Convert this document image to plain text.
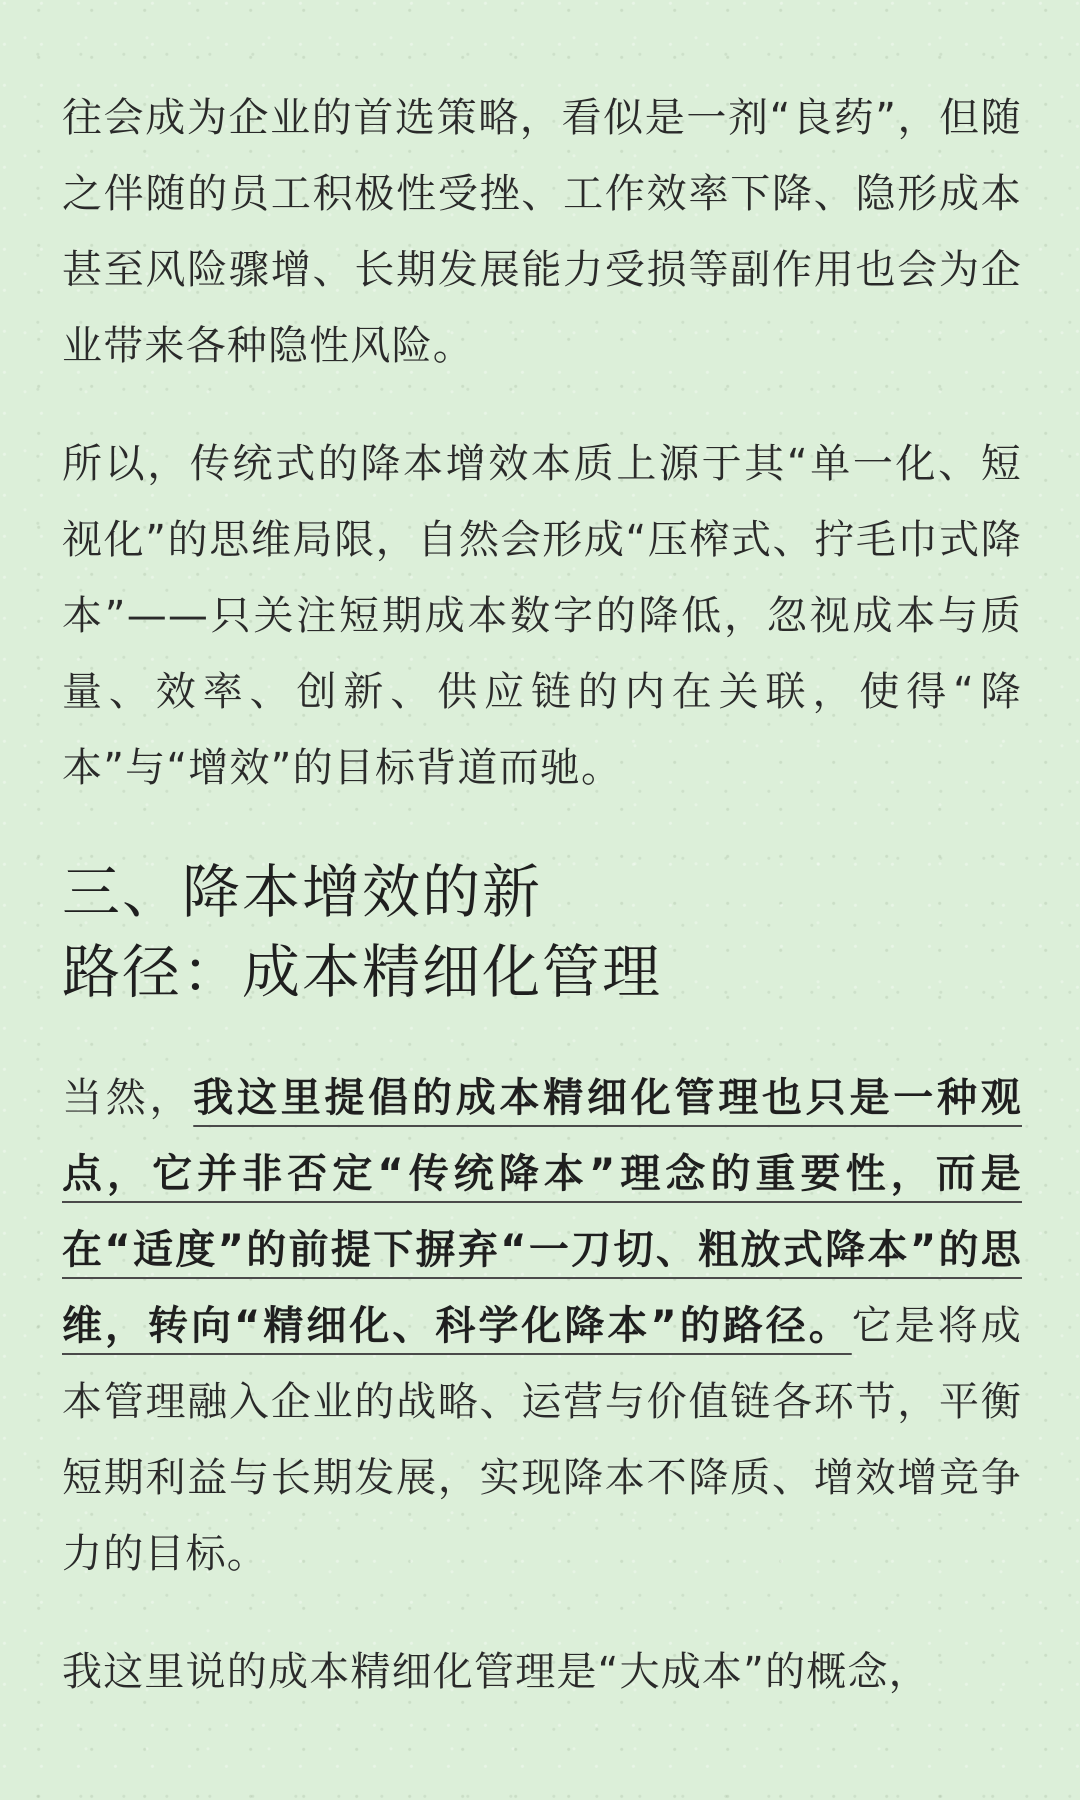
往会成为企业的首选策略，看似是一剂“良药”，但随之伴随的员工积极性受挫、工作效率下降、隐形成本甚至风险骤增、长期发展能力受损等副作用也会为企业带来各种隐性风险。

所以，传统式的降本增效本质上源于其“单一化、短视化”的思维局限，自然会形成“压榨式、拧毛巾式降本”——只关注短期成本数字的降低，忽视成本与质量、效率、创新、供应链的内在关联，使得“降本”与“增效”的目标背道而驰。

三、降本增效的新
路径：成本精细化管理

当然，我这里提倡的成本精细化管理也只是一种观点，它并非否定“传统降本”理念的重要性，而是在“适度”的前提下摒弃“一刀切、粗放式降本”的思维，转向“精细化、科学化降本”的路径。它是将成本管理融入企业的战略、运营与价值链各环节，平衡短期利益与长期发展，实现降本不降质、增效增竞争力的目标。

我这里说的成本精细化管理是“大成本”的概念，
